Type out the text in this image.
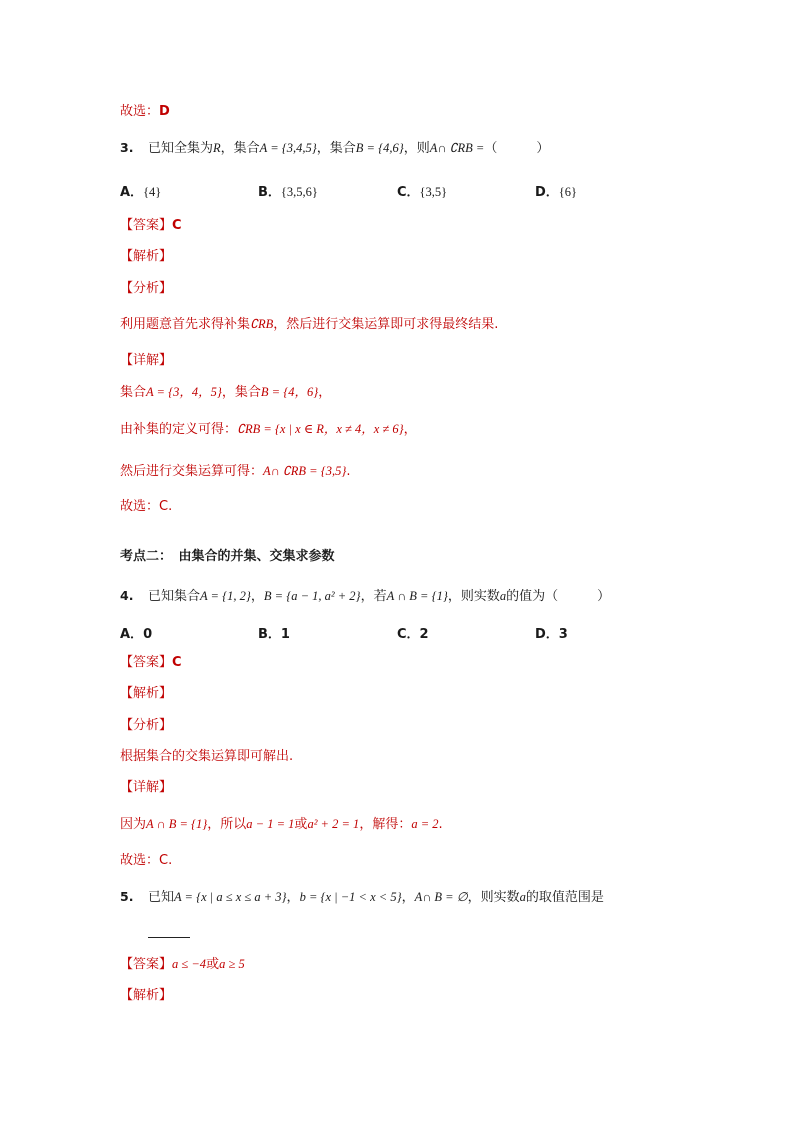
故选：D
3. 已知全集为R，集合A = {3,4,5}，集合B = {4,6}，则A∩ ∁RB =（　　　）
A．{4}	B．{3,5,6}	C．{3,5}	D．{6}
【答案】C
【解析】
【分析】
利用题意首先求得补集∁RB，然后进行交集运算即可求得最终结果.
【详解】
集合A = {3，4，5}，集合B = {4，6}，
由补集的定义可得：∁RB = {x | x ∈ R，x ≠ 4，x ≠ 6}，
然后进行交集运算可得：A∩ ∁RB = {3,5}.
故选：C.
考点二：　由集合的并集、交集求参数
4. 已知集合A = {1, 2}，B = {a − 1, a² + 2}，若A ∩ B = {1}，则实数a的值为（　　　）
A．0	B．1	C．2	D．3
【答案】C
【解析】
【分析】
根据集合的交集运算即可解出.
【详解】
因为A ∩ B = {1}，所以a − 1 = 1或a² + 2 = 1，解得：a = 2.
故选：C.
5. 已知A = {x | a ≤ x ≤ a + 3}，b = {x | −1 < x < 5}，A∩ B = ∅，则实数a的取值范围是
【答案】a ≤ −4或a ≥ 5
【解析】
